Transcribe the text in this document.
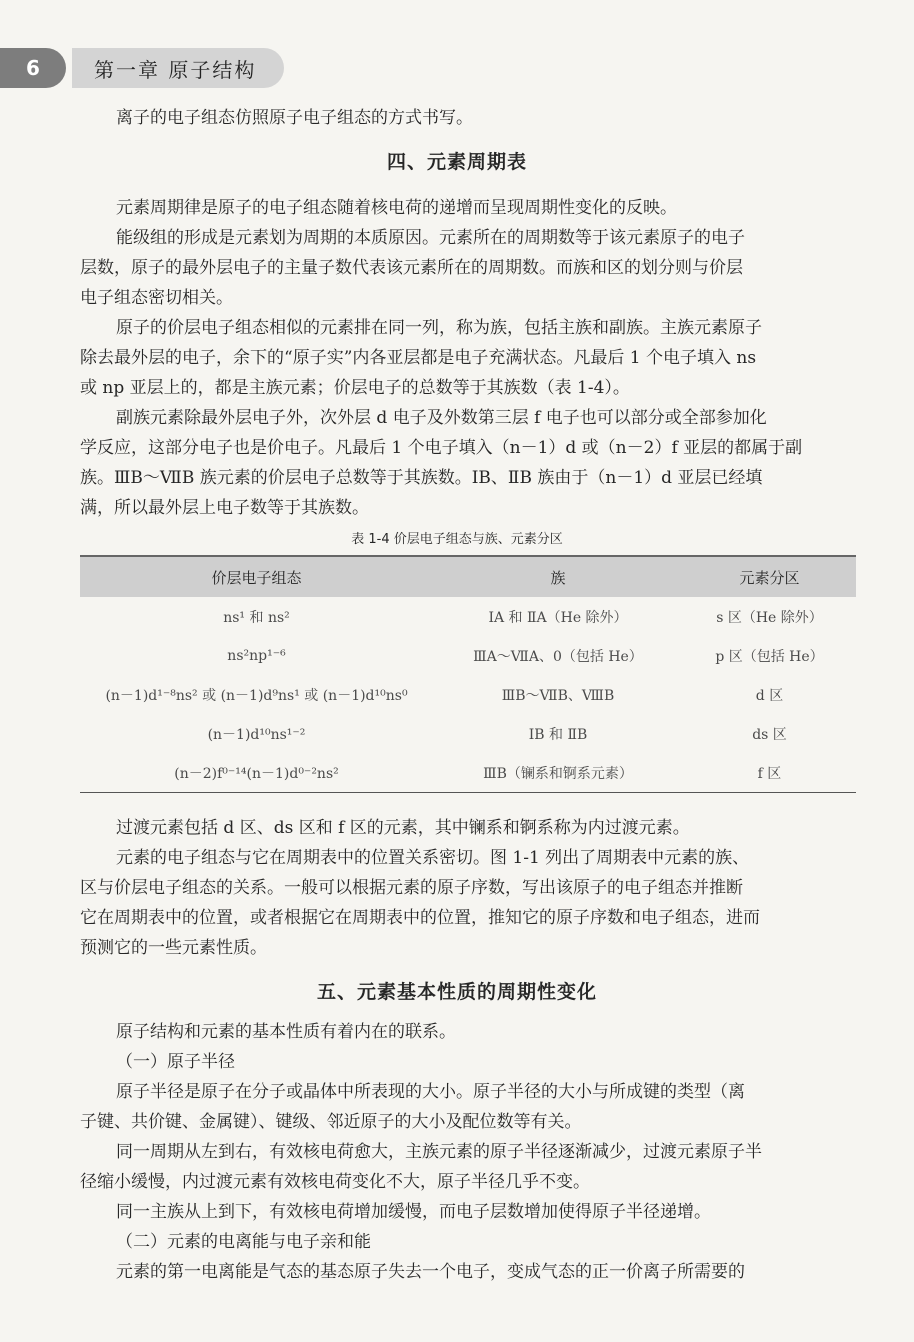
6	第一章 原子结构
离子的电子组态仿照原子电子组态的方式书写。
四、元素周期表
元素周期律是原子的电子组态随着核电荷的递增而呈现周期性变化的反映。
能级组的形成是元素划为周期的本质原因。元素所在的周期数等于该元素原子的电子
层数，原子的最外层电子的主量子数代表该元素所在的周期数。而族和区的划分则与价层
电子组态密切相关。
原子的价层电子组态相似的元素排在同一列，称为族，包括主族和副族。主族元素原子
除去最外层的电子，余下的“原子实”内各亚层都是电子充满状态。凡最后 1 个电子填入 ns
或 np 亚层上的，都是主族元素；价层电子的总数等于其族数（表 1-4）。
副族元素除最外层电子外，次外层 d 电子及外数第三层 f 电子也可以部分或全部参加化
学反应，这部分电子也是价电子。凡最后 1 个电子填入（n－1）d 或（n－2）f 亚层的都属于副
族。ⅢB～ⅦB 族元素的价层电子总数等于其族数。ⅠB、ⅡB 族由于（n－1）d 亚层已经填
满，所以最外层上电子数等于其族数。
表 1-4 价层电子组态与族、元素分区
价层电子组态	族	元素分区
ns¹ 和 ns²	ⅠA 和 ⅡA（He 除外）	s 区（He 除外）
ns²np¹⁻⁶	ⅢA～ⅦA、0（包括 He）	p 区（包括 He）
(n－1)d¹⁻⁸ns² 或 (n－1)d⁹ns¹ 或 (n－1)d¹⁰ns⁰	ⅢB～ⅦB、ⅧB	d 区
(n－1)d¹⁰ns¹⁻²	ⅠB 和 ⅡB	ds 区
(n－2)f⁰⁻¹⁴(n－1)d⁰⁻²ns²	ⅢB（镧系和锕系元素）	f 区
过渡元素包括 d 区、ds 区和 f 区的元素，其中镧系和锕系称为内过渡元素。
元素的电子组态与它在周期表中的位置关系密切。图 1-1 列出了周期表中元素的族、
区与价层电子组态的关系。一般可以根据元素的原子序数，写出该原子的电子组态并推断
它在周期表中的位置，或者根据它在周期表中的位置，推知它的原子序数和电子组态，进而
预测它的一些元素性质。
五、元素基本性质的周期性变化
原子结构和元素的基本性质有着内在的联系。
（一）原子半径
原子半径是原子在分子或晶体中所表现的大小。原子半径的大小与所成键的类型（离
子键、共价键、金属键）、键级、邻近原子的大小及配位数等有关。
同一周期从左到右，有效核电荷愈大，主族元素的原子半径逐渐减少，过渡元素原子半
径缩小缓慢，内过渡元素有效核电荷变化不大，原子半径几乎不变。
同一主族从上到下，有效核电荷增加缓慢，而电子层数增加使得原子半径递增。
（二）元素的电离能与电子亲和能
元素的第一电离能是气态的基态原子失去一个电子，变成气态的正一价离子所需要的
